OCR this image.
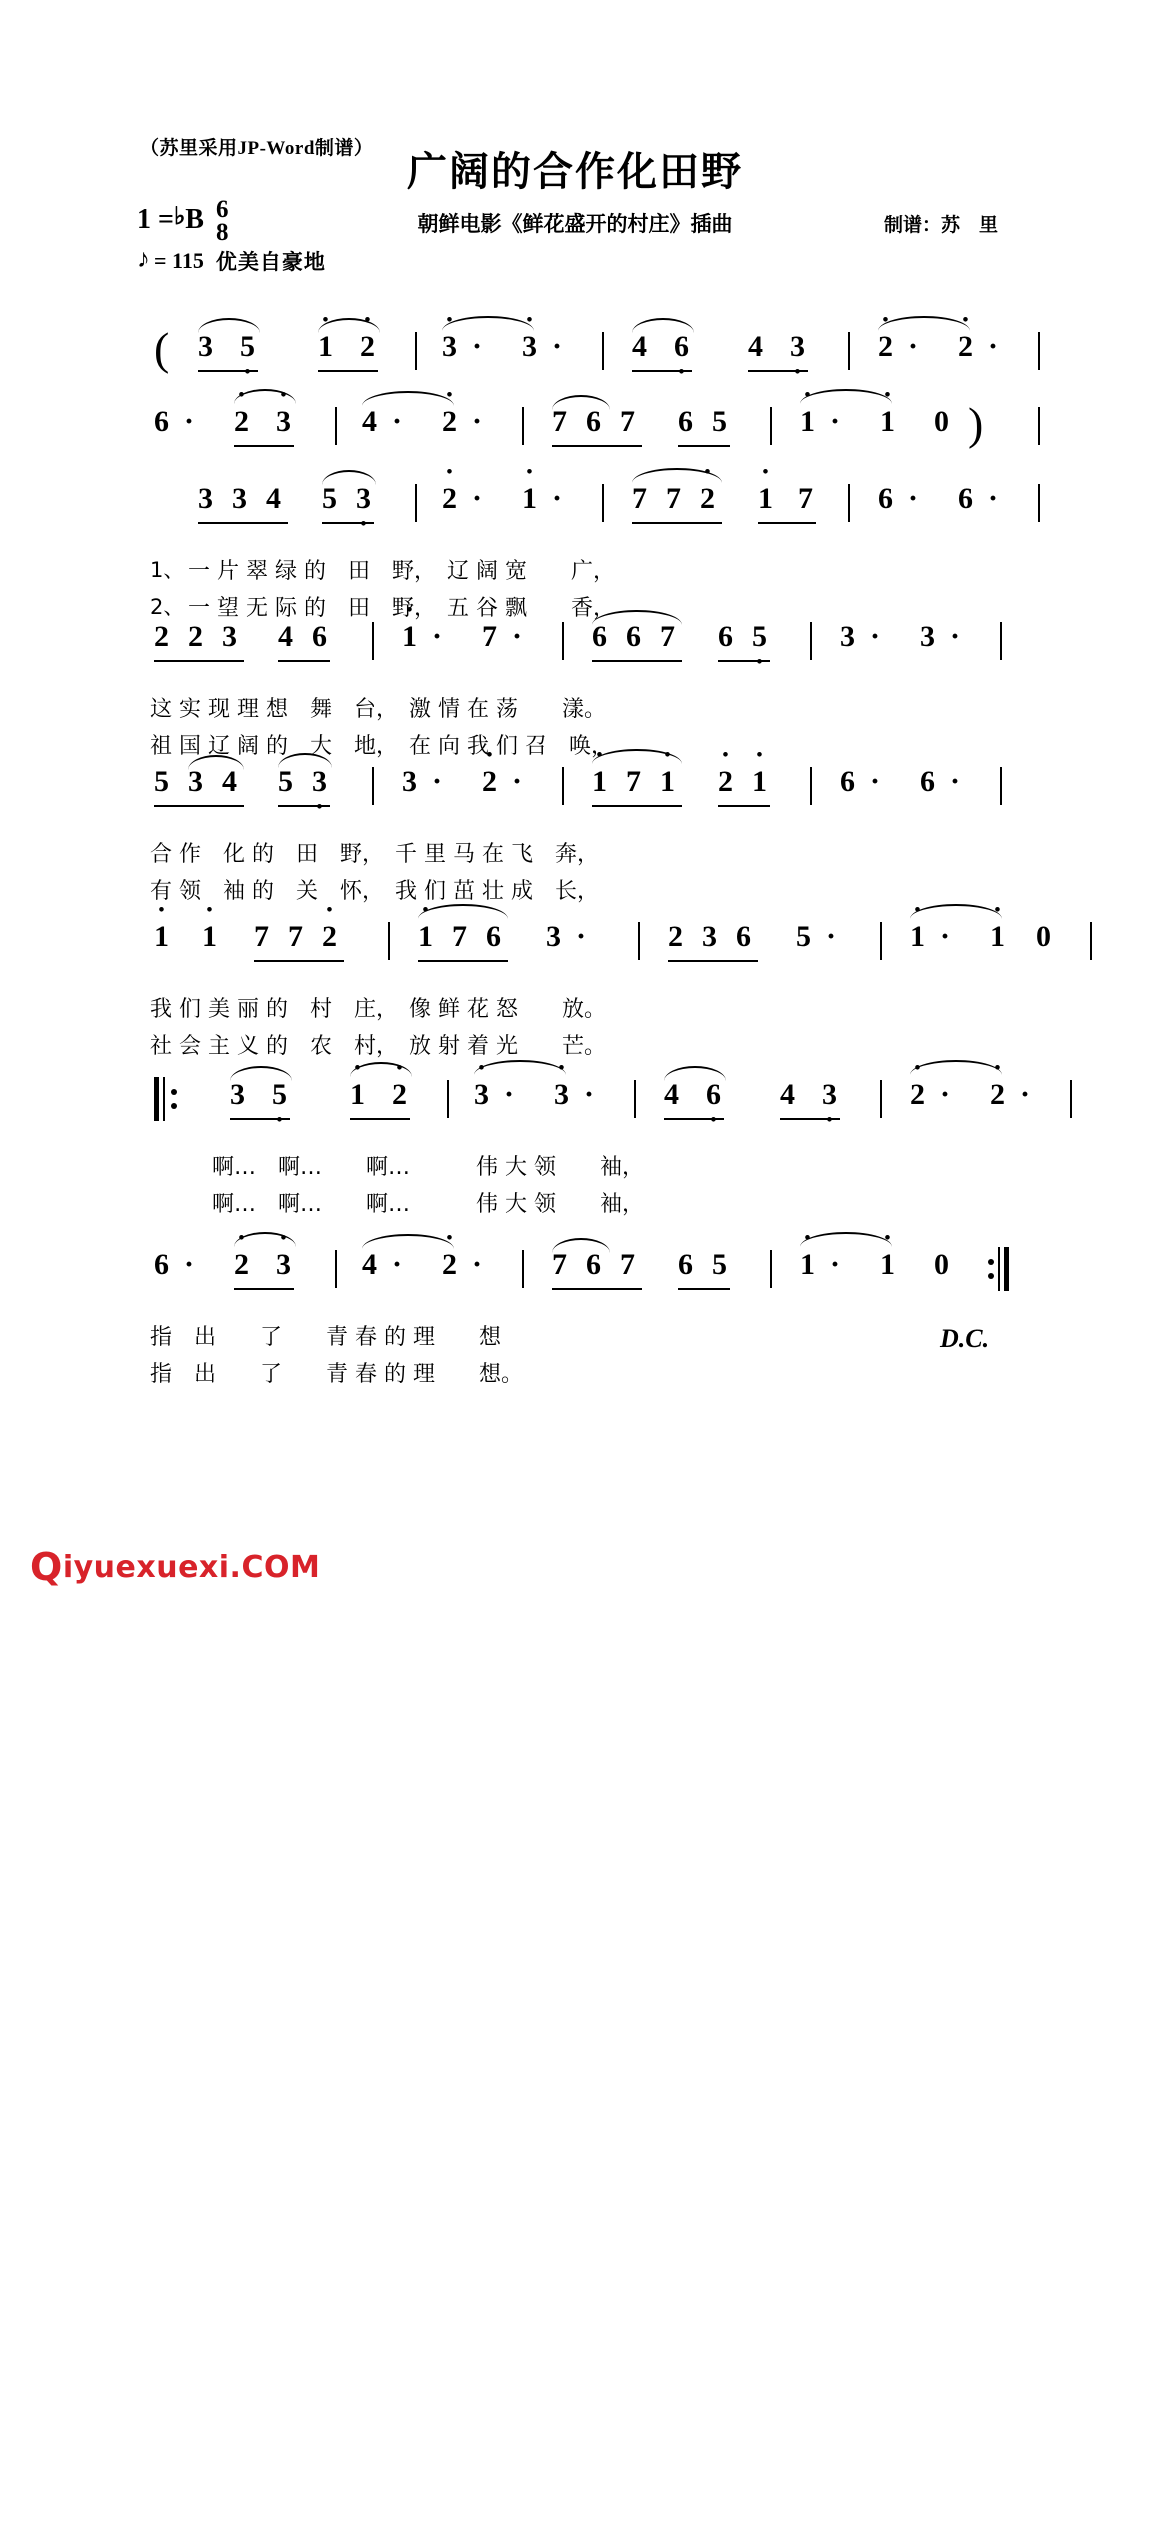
（苏里采用JP-Word制谱）
广阔的合作化田野
朝鲜电影《鲜花盛开的村庄》插曲	制谱：苏　里
1 = ♭ B 6
8
♪ = 115 优美自豪地

(

3

5 •

• 1

• 2

• 3

·

• 3

·

4

6 •

4

3 •

• 2

·

• 2

·

6

·

• 2

• 3

4

·

• 2

·

7

6

7

6

5

• 1

·

• 1

0

)

3

3

4

5

3 •

• 2

·

• 1

·

7

7

• 2

• 1

7

6

·

6

·

1、

一 片 翠 绿 的　田　野，　辽 阔 宽　　广，

2、

一 望 无 际 的　田　野，　五 谷 飘　　香，

2

2

3

4

6

	• 1

·

7

·

6

6

7

6

5 •

3

·

3

·

这 实 现 理 想　舞　台，　激 情 在 荡　　漾。

祖 国 辽 阔 的　大　地，　在 向 我 们 召　唤，

5

3

4

5

3 •

	3

·

• 2

·

• 1

7

• 1

• 2

• 1

6

·

6

·

合 作　化 的　田　野，　千 里 马 在 飞　奔，

有 领　袖 的　关　怀，　我 们 茁 壮 成　长，

• 1

• 1

7

7

• 2

	• 1

7

6

3

·

	2

3

6

5

·

• 1

·

• 1

0

我 们 美 丽 的　村　庄，　像 鲜 花 怒　　放。

社 会 主 义 的　农　村，　放 射 着 光　　芒。

3

5 •

• 1

• 2

• 3

·

• 3

·

4

6 •

4

3 •

• 2

·

• 2

·

啊…　啊…　　啊…　　　伟 大 领　　袖，

啊…　啊…　　啊…　　　伟 大 领　　袖，

6

·

• 2

• 3

4

·

• 2

·

7

6

7

6

5

• 1

·

• 1

0

指　出　　了　　青 春 的 理　　想

	D.C.

指　出　　了　　青 春 的 理　　想。

Q iyuexuexi.COM
